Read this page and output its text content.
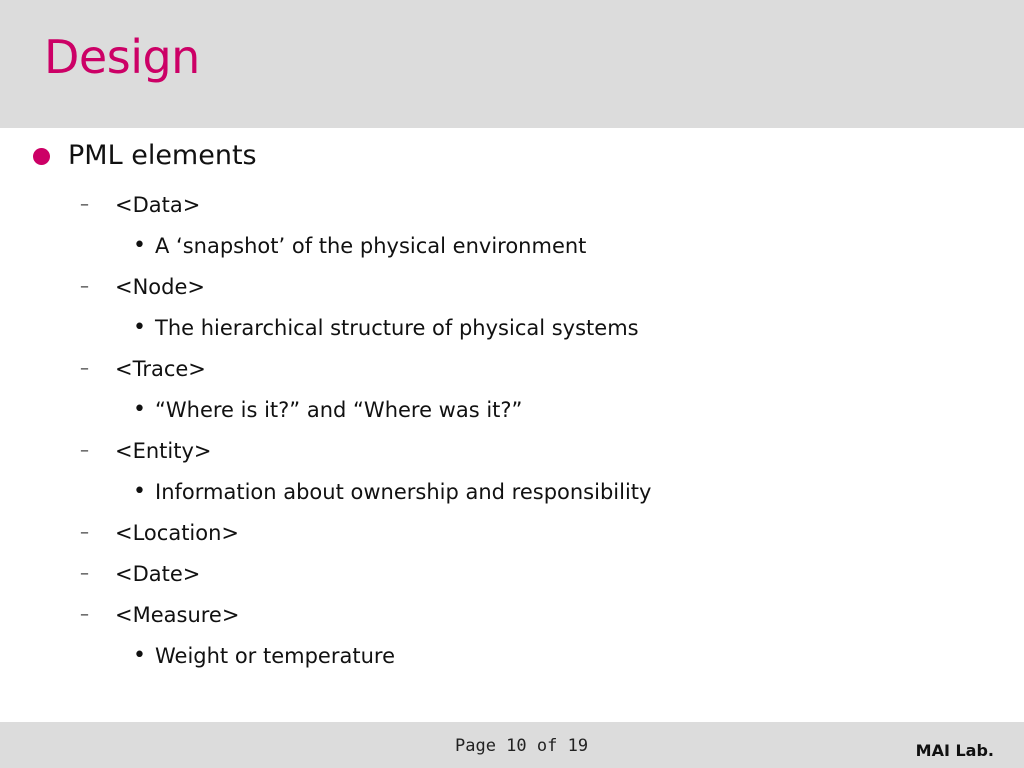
Design
PML elements
–	<Data>
• A ‘snapshot’ of the physical environment
–	<Node>
• The hierarchical structure of physical systems
–	<Trace>
• “Where is it?” and “Where was it?”
–	<Entity>
• Information about ownership and responsibility
–	<Location>
–	<Date>
–	<Measure>
• Weight or temperature
Page 10 of 19	MAI Lab.
